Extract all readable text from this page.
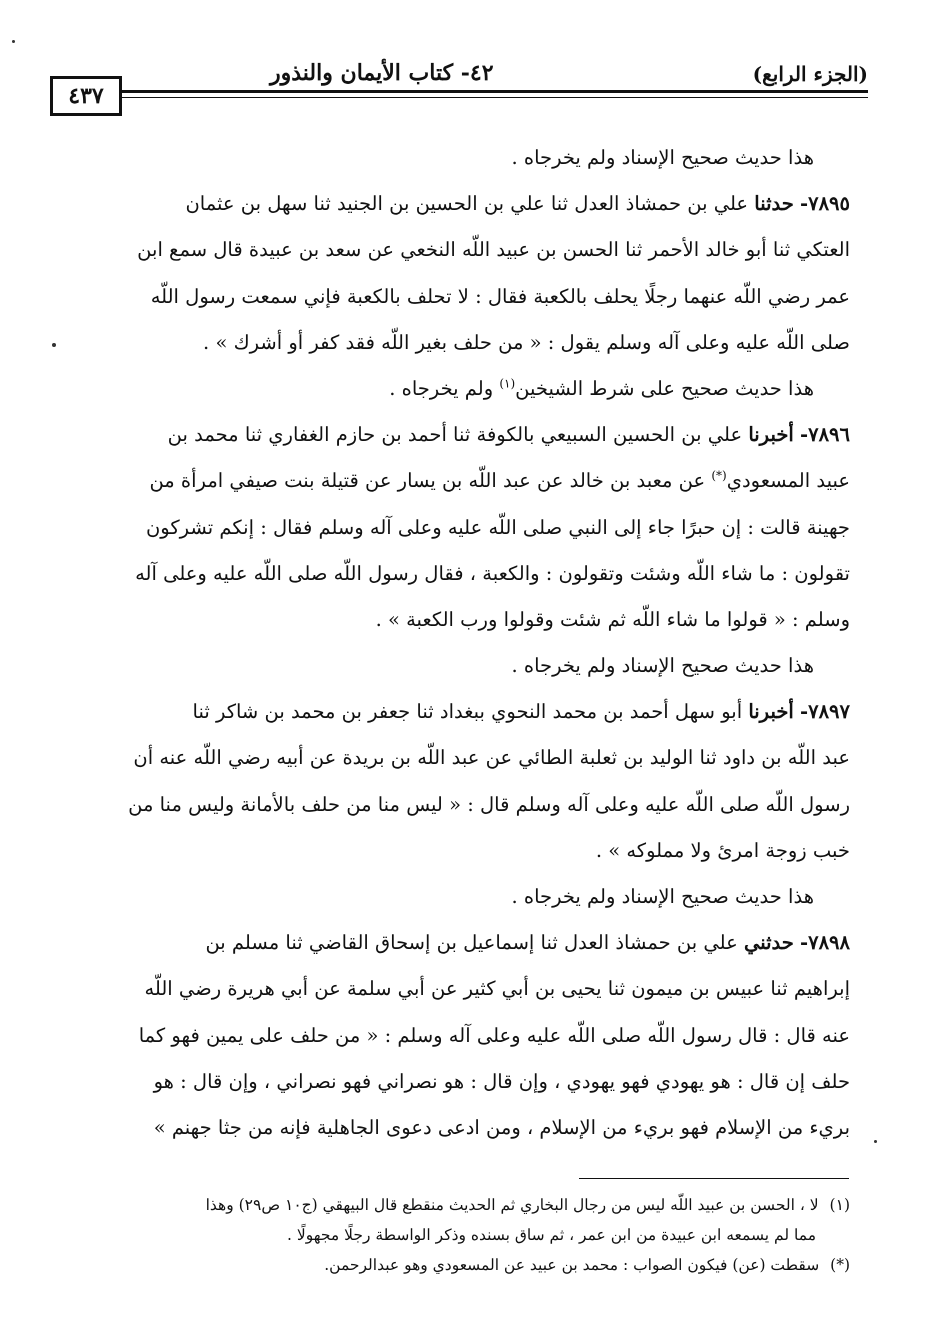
(الجزء الرابع)
٤٢- كتاب الأيمان والنذور
٤٣٧
هذا حديث صحيح الإسناد ولم يخرجاه .
٧٨٩٥- حدثنا علي بن حمشاذ العدل ثنا علي بن الحسين بن الجنيد ثنا سهل بن عثمان
العتكي ثنا أبو خالد الأحمر ثنا الحسن بن عبيد اللّه النخعي عن سعد بن عبيدة قال سمع ابن
عمر رضي اللّه عنهما رجلًا يحلف بالكعبة فقال : لا تحلف بالكعبة فإني سمعت رسول اللّه
صلى اللّه عليه وعلى آله وسلم يقول : « من حلف بغير اللّه فقد كفر أو أشرك » .
هذا حديث صحيح على شرط الشيخين$^{(١)}$ ولم يخرجاه .
٧٨٩٦- أخبرنا علي بن الحسين السبيعي بالكوفة ثنا أحمد بن حازم الغفاري ثنا محمد بن
عبيد المسعودي(*) عن معبد بن خالد عن عبد اللّه بن يسار عن قتيلة بنت صيفي امرأة من
جهينة قالت : إن حبرًا جاء إلى النبي صلى اللّه عليه وعلى آله وسلم فقال : إنكم تشركون
تقولون : ما شاء اللّه وشئت وتقولون : والكعبة ، فقال رسول اللّه صلى اللّه عليه وعلى آله
وسلم : « قولوا ما شاء اللّه ثم شئت وقولوا ورب الكعبة » .
هذا حديث صحيح الإسناد ولم يخرجاه .
٧٨٩٧- أخبرنا أبو سهل أحمد بن محمد النحوي ببغداد ثنا جعفر بن محمد بن شاكر ثنا
عبد اللّه بن داود ثنا الوليد بن ثعلبة الطائي عن عبد اللّه بن بريدة عن أبيه رضي اللّه عنه أن
رسول اللّه صلى اللّه عليه وعلى آله وسلم قال : « ليس منا من حلف بالأمانة وليس منا من
خبب زوجة امرئ ولا مملوكه » .
هذا حديث صحيح الإسناد ولم يخرجاه .
٧٨٩٨- حدثني علي بن حمشاذ العدل ثنا إسماعيل بن إسحاق القاضي ثنا مسلم بن
إبراهيم ثنا عبيس بن ميمون ثنا يحيى بن أبي كثير عن أبي سلمة عن أبي هريرة رضي اللّه
عنه قال : قال رسول اللّه صلى اللّه عليه وعلى آله وسلم : « من حلف على يمين فهو كما
حلف إن قال : هو يهودي فهو يهودي ، وإن قال : هو نصراني فهو نصراني ، وإن قال : هو
بريء من الإسلام فهو بريء من الإسلام ، ومن ادعى دعوى الجاهلية فإنه من جثا جهنم »
(١) لا ، الحسن بن عبيد اللّه ليس من رجال البخاري ثم الحديث منقطع قال البيهقي (ج١٠ ص٢٩) وهذا
مما لم يسمعه ابن عبيدة من ابن عمر ، ثم ساق بسنده وذكر الواسطة رجلًا مجهولًا .
(*) سقطت (عن) فيكون الصواب : محمد بن عبيد عن المسعودي وهو عبدالرحمن.
